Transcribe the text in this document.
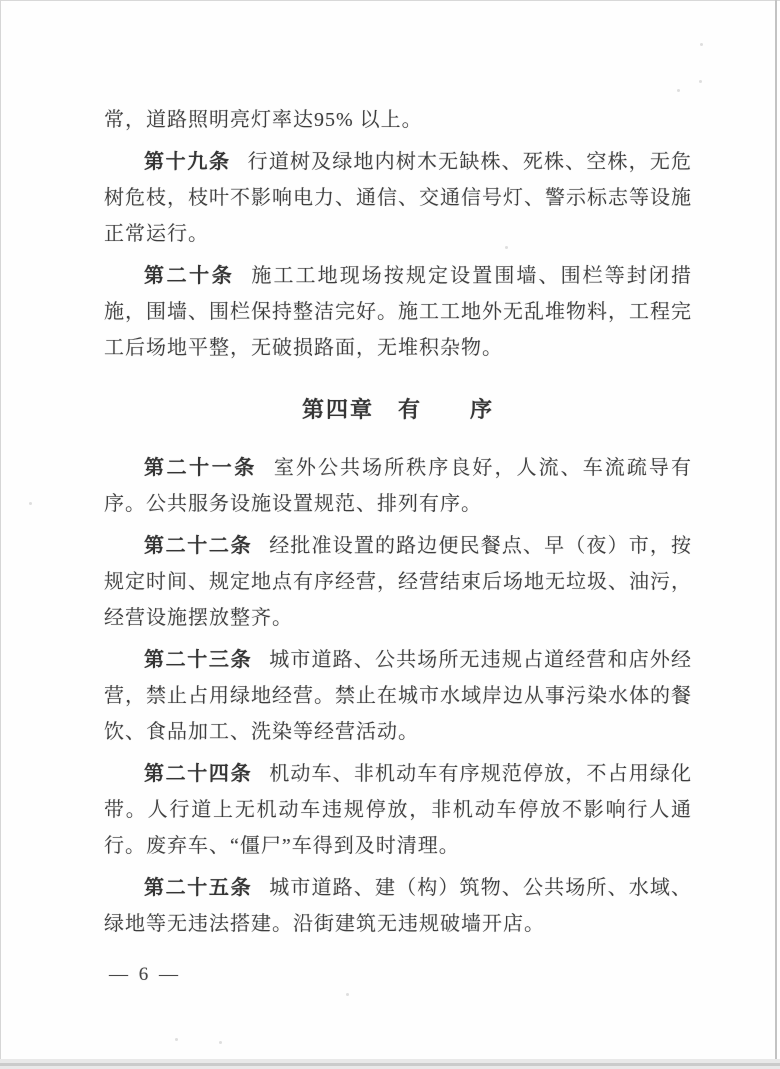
常，道路照明亮灯率达95% 以上。

第十九条 行道树及绿地内树木无缺株、死株、空株，无危树危枝，枝叶不影响电力、通信、交通信号灯、警示标志等设施正常运行。

第二十条 施工工地现场按规定设置围墙、围栏等封闭措施，围墙、围栏保持整洁完好。施工工地外无乱堆物料，工程完工后场地平整，无破损路面，无堆积杂物。

第四章　有　　序

第二十一条 室外公共场所秩序良好，人流、车流疏导有序。公共服务设施设置规范、排列有序。

第二十二条 经批准设置的路边便民餐点、早（夜）市，按规定时间、规定地点有序经营，经营结束后场地无垃圾、油污，经营设施摆放整齐。

第二十三条 城市道路、公共场所无违规占道经营和店外经营，禁止占用绿地经营。禁止在城市水域岸边从事污染水体的餐饮、食品加工、洗染等经营活动。

第二十四条 机动车、非机动车有序规范停放，不占用绿化带。人行道上无机动车违规停放，非机动车停放不影响行人通行。废弃车、“僵尸”车得到及时清理。

第二十五条 城市道路、建（构）筑物、公共场所、水域、绿地等无违法搭建。沿街建筑无违规破墙开店。

— 6 —
